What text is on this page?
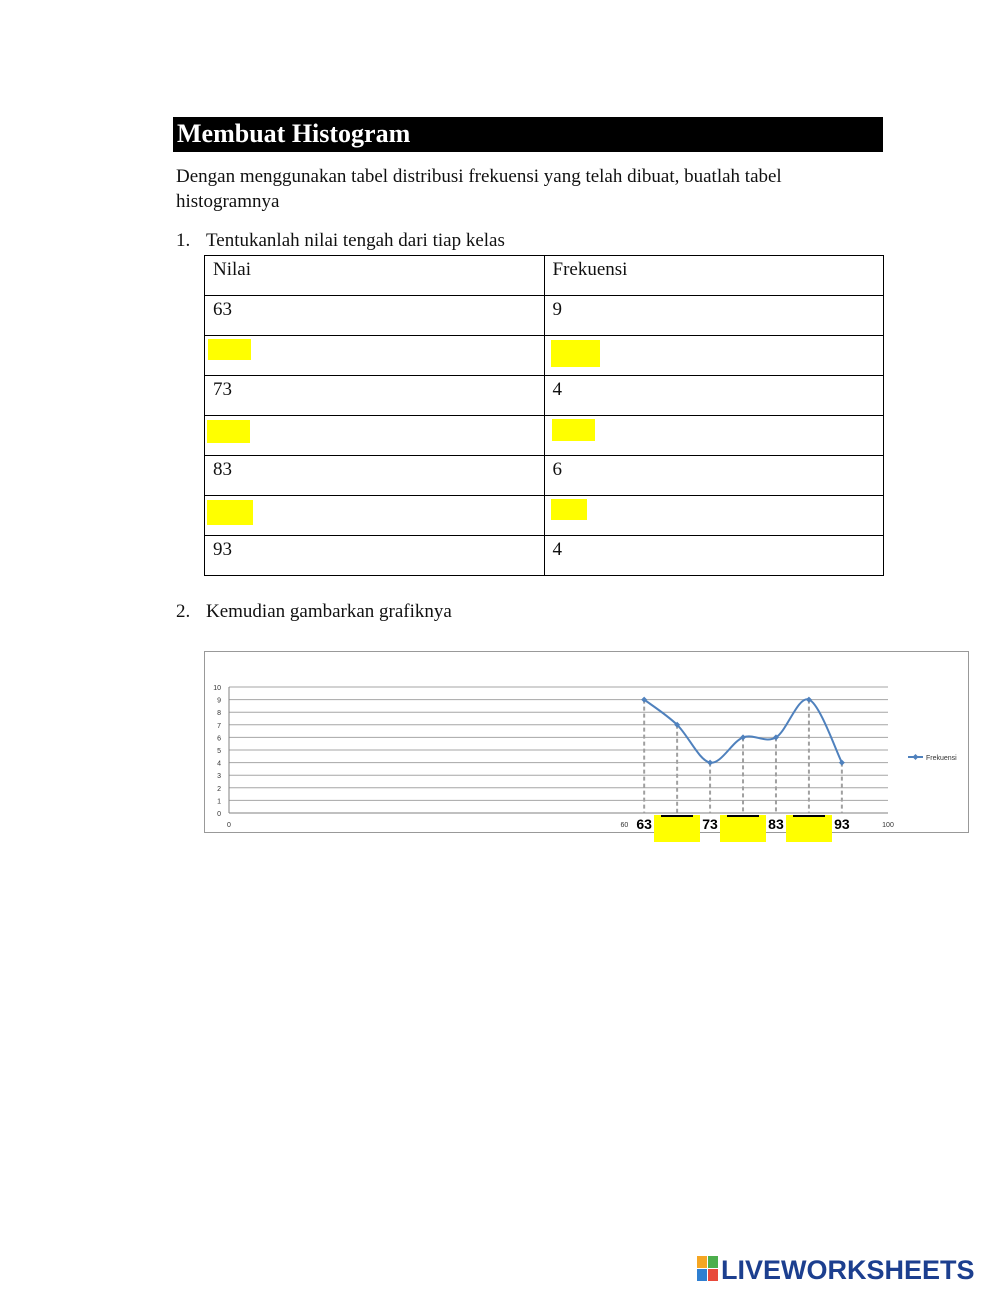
Membuat Histogram
Dengan menggunakan tabel distribusi frekuensi yang telah dibuat, buatlah tabel histogramnya
1. Tentukanlah nilai tengah dari tiap kelas
Nilai	Frekuensi

63	9

73	4

83	6

93	4
2. Kemudian gambarkan grafiknya
0
1
2
3
4
5
6
7
8
9
10
0	60	100
63	73	83	93
Frekuensi
LIVEWORKSHEETS
